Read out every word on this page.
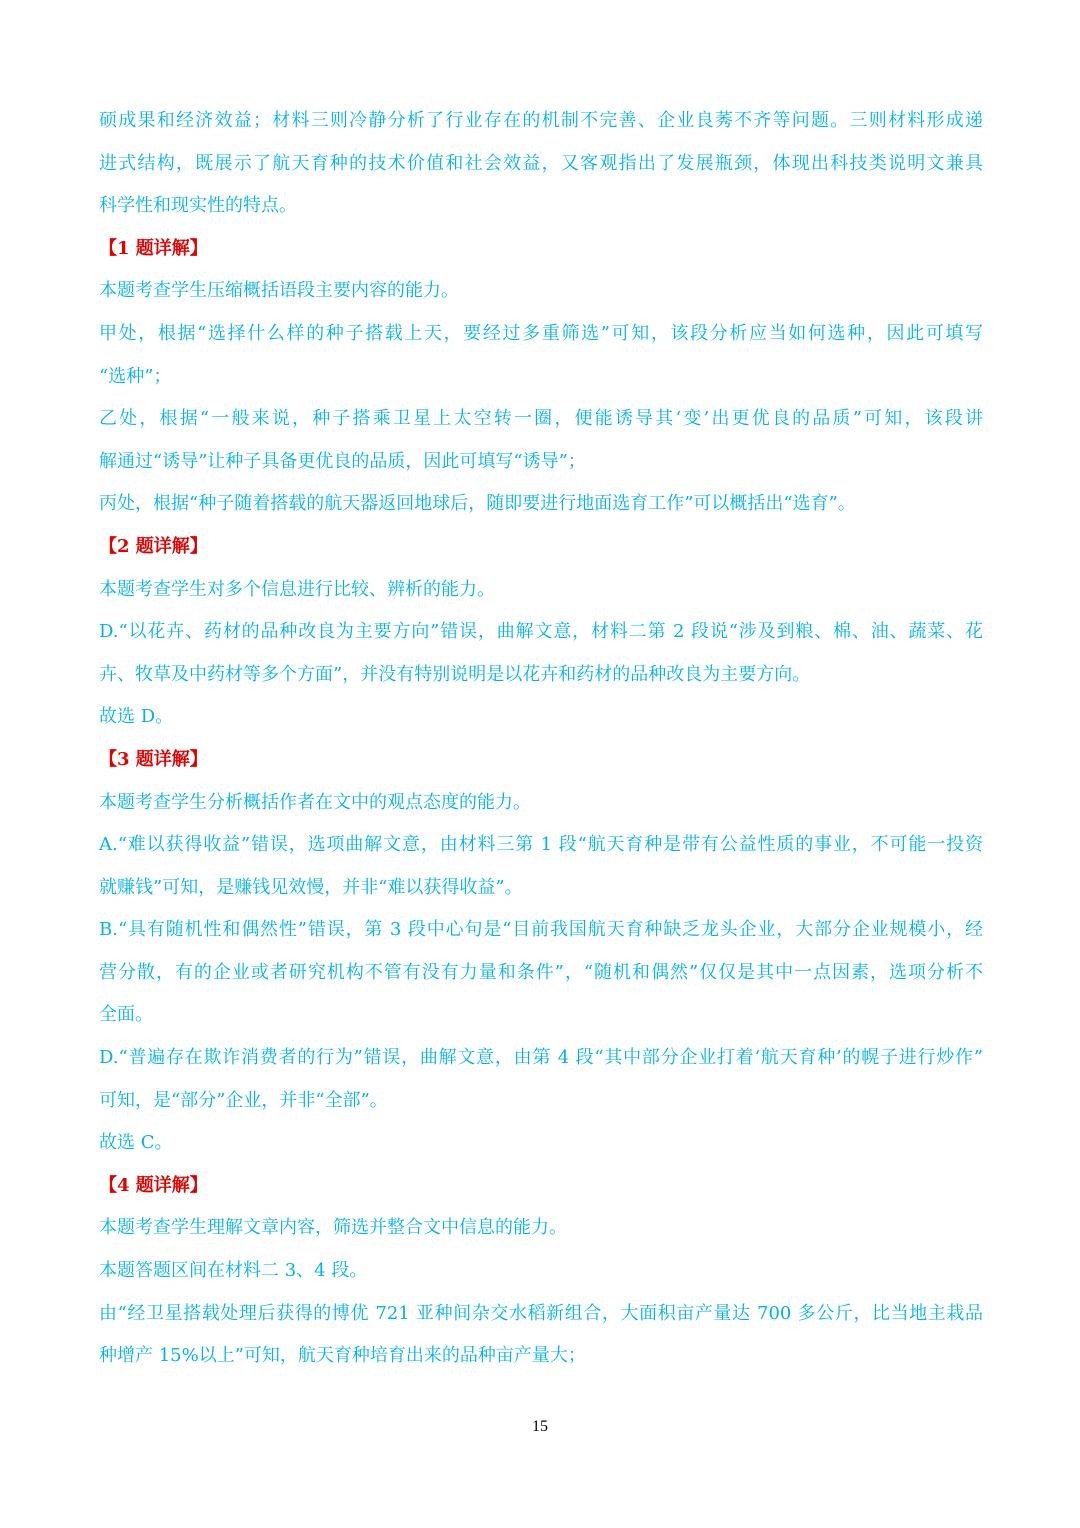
硕成果和经济效益；材料三则冷静分析了行业存在的机制不完善、企业良莠不齐等问题。三则材料形成递
进式结构，既展示了航天育种的技术价值和社会效益，又客观指出了发展瓶颈，体现出科技类说明文兼具
科学性和现实性的特点。
【1 题详解】
本题考查学生压缩概括语段主要内容的能力。
甲处，根据“选择什么样的种子搭载上天，要经过多重筛选”可知，该段分析应当如何选种，因此可填写
“选种”；
乙处，根据“一般来说，种子搭乘卫星上太空转一圈，便能诱导其‘变’出更优良的品质”可知，该段讲
解通过“诱导”让种子具备更优良的品质，因此可填写“诱导”；
丙处，根据“种子随着搭载的航天器返回地球后，随即要进行地面选育工作”可以概括出“选育”。
【2 题详解】
本题考查学生对多个信息进行比较、辨析的能力。
D.“以花卉、药材的品种改良为主要方向”错误，曲解文意，材料二第 2 段说“涉及到粮、棉、油、蔬菜、花
卉、牧草及中药材等多个方面”，并没有特别说明是以花卉和药材的品种改良为主要方向。
故选 D。
【3 题详解】
本题考查学生分析概括作者在文中的观点态度的能力。
A.“难以获得收益”错误，选项曲解文意，由材料三第 1 段“航天育种是带有公益性质的事业，不可能一投资
就赚钱”可知，是赚钱见效慢，并非“难以获得收益”。
B.“具有随机性和偶然性”错误，第 3 段中心句是“目前我国航天育种缺乏龙头企业，大部分企业规模小，经
营分散，有的企业或者研究机构不管有没有力量和条件”，“随机和偶然”仅仅是其中一点因素，选项分析不
全面。
D.“普遍存在欺诈消费者的行为”错误，曲解文意，由第 4 段“其中部分企业打着‘航天育种’的幌子进行炒作”
可知，是“部分”企业，并非“全部”。
故选 C。
【4 题详解】
本题考查学生理解文章内容，筛选并整合文中信息的能力。
本题答题区间在材料二 3、4 段。
由“经卫星搭载处理后获得的博优 721 亚种间杂交水稻新组合，大面积亩产量达 700 多公斤，比当地主栽品
种增产 15%以上”可知，航天育种培育出来的品种亩产量大；
15
